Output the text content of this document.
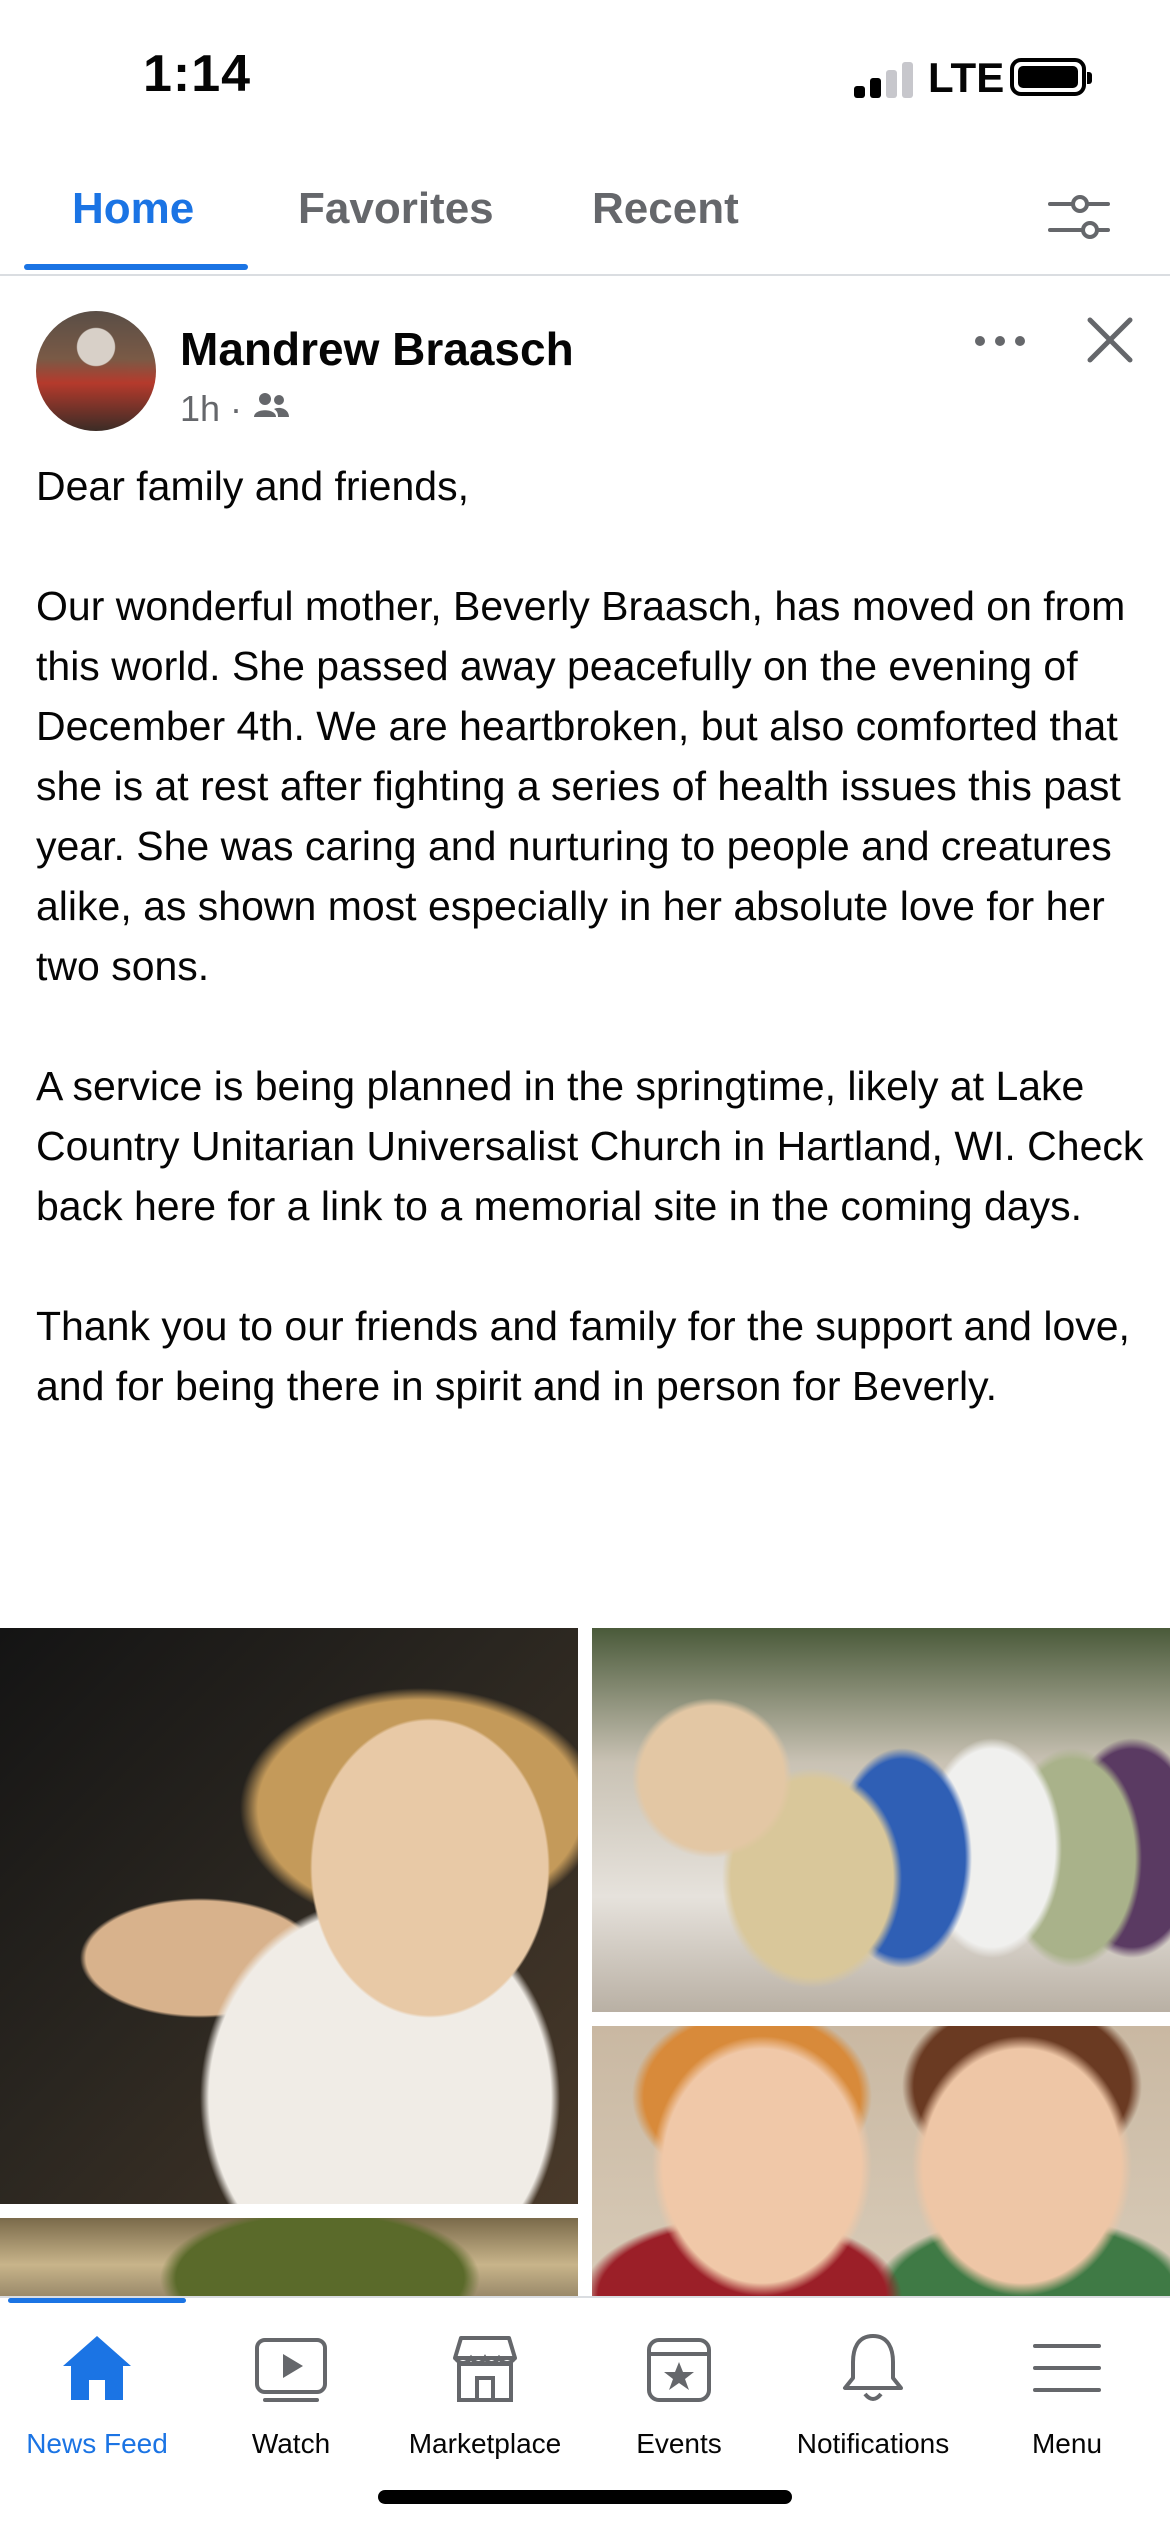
1:14	LTE
Home Favorites Recent
Mandrew Braasch
1h ·

Dear family and friends,

Our wonderful mother, Beverly Braasch, has moved on from this world. She passed away peacefully on the evening of December 4th. We are heartbroken, but also comforted that she is at rest after fighting a series of health issues this past year. She was caring and nurturing to people and creatures alike, as shown most especially in her absolute love for her two sons.

A service is being planned in the springtime, likely at Lake Country Unitarian Universalist Church in Hartland, WI. Check back here for a link to a memorial site in the coming days.

Thank you to our friends and family for the support and love, and for being there in spirit and in person for Beverly.

News Feed	Watch	Marketplace	Events	Notifications	Menu
